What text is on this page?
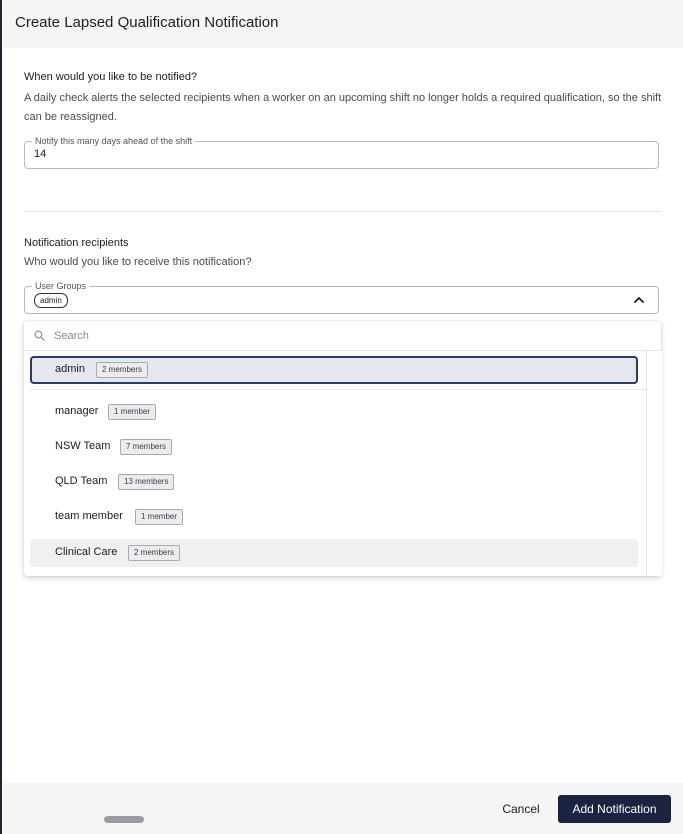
Create Lapsed Qualification Notification
When would you like to be notified?
A daily check alerts the selected recipients when a worker on an upcoming shift no longer holds a required qualification, so the shift can be reassigned.
Notify this many days ahead of the shift
14
Notification recipients
Who would you like to receive this notification?
User Groups
admin
Search
admin	2 members
manager	1 member
NSW Team	7 members
QLD Team	13 members
team member	1 member
Clinical Care	2 members
Cancel	Add Notification
